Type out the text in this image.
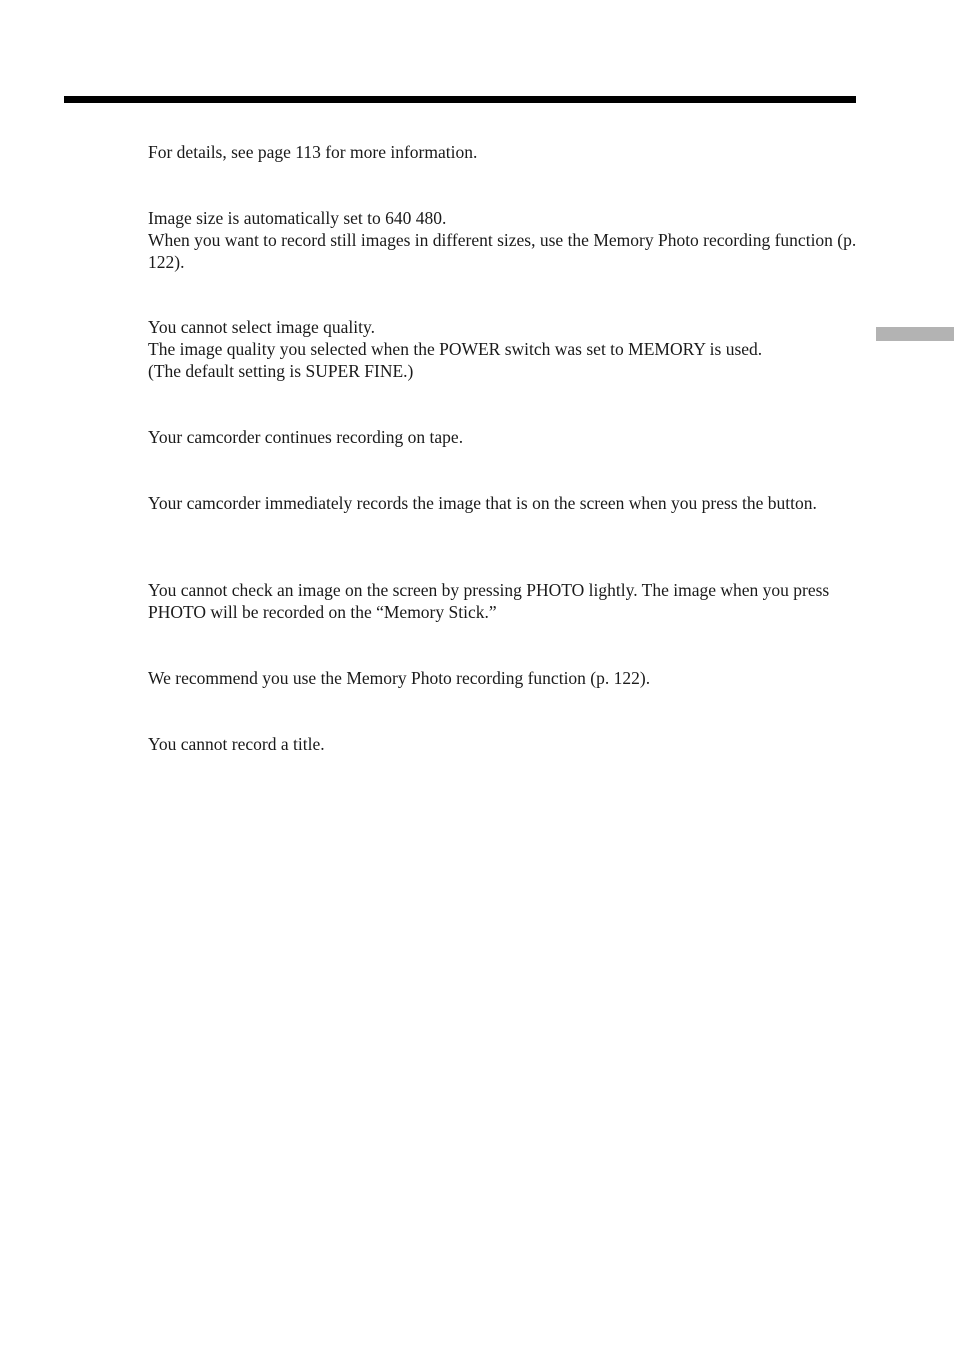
For details, see page 113 for more information.

Image size is automatically set to 640 480.
When you want to record still images in different sizes, use the Memory Photo recording function (p. 122).

You cannot select image quality.
The image quality you selected when the POWER switch was set to MEMORY is used.
(The default setting is SUPER FINE.)

Your camcorder continues recording on tape.

Your camcorder immediately records the image that is on the screen when you press the button.

You cannot check an image on the screen by pressing PHOTO lightly. The image when you press PHOTO will be recorded on the “Memory Stick.”

We recommend you use the Memory Photo recording function (p. 122).

You cannot record a title.
